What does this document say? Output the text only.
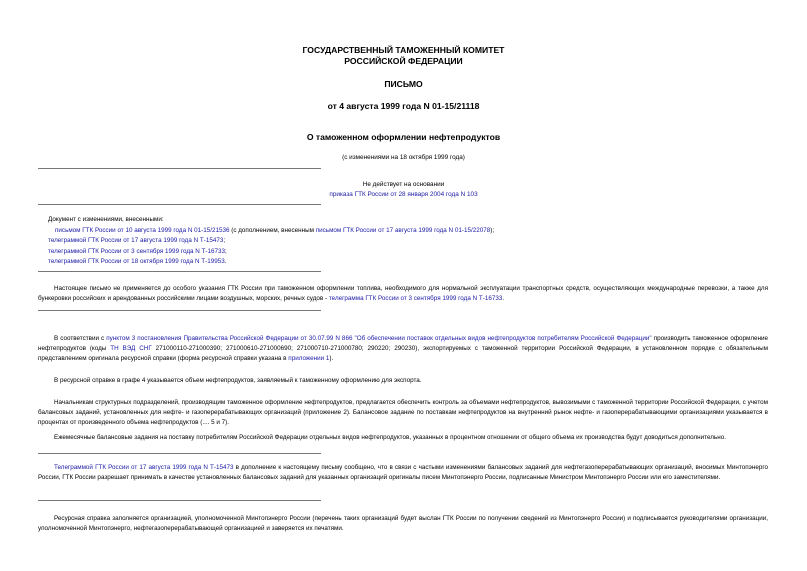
ГОСУДАРСТВЕННЫЙ ТАМОЖЕННЫЙ КОМИТЕТ
РОССИЙСКОЙ ФЕДЕРАЦИИ
ПИСЬМО
от 4 августа 1999 года N 01-15/21118
О таможенном оформлении нефтепродуктов
(с изменениями на 18 октября 1999 года)
Не действует на основании
приказа ГТК России от 28 января 2004 года N 103
Документ с изменениями, внесенными:
письмом ГТК России от 10 августа 1999 года N 01-15/21536 (с дополнением, внесенным письмом ГТК России от 17 августа 1999 года N 01-15/22078);
телеграммой ГТК России от 17 августа 1999 года N Т-15473;
телеграммой ГТК России от 3 сентября 1999 года N Т-16733;
телеграммой ГТК России от 18 октября 1999 года N Т-19953.
Настоящее письмо не применяется до особого указания ГТК России при таможенном оформлении топлива, необходимого для нормальной эксплуатации транспортных средств, осуществляющих международные перевозки, а также для бункеровки российских и арендованных российскими лицами воздушных, морских, речных судов - телеграмма ГТК России от 3 сентября 1999 года N Т-16733.
В соответствии с пунктом 3 постановления Правительства Российской Федерации от 30.07.99 N 866 "Об обеспечении поставок отдельных видов нефтепродуктов потребителям Российской Федерации" производить таможенное оформление нефтепродуктов (коды ТН ВЭД СНГ 271000110-271000390; 271000610-271000690; 271000710-271000780; 290220; 290230), экспортируемых с таможенной территории Российской Федерации, в установленном порядке с обязательным представлением оригинала ресурсной справки (форма ресурсной справки указана в приложении 1).
В ресурсной справке в графе 4 указывается объем нефтепродуктов, заявляемый к таможенному оформлению для экспорта.
Начальникам структурных подразделений, производящим таможенное оформление нефтепродуктов, предлагается обеспечить контроль за объемами нефтепродуктов, вывозимыми с таможенной территории Российской Федерации, с учетом балансовых заданий, установленных для нефте- и газоперерабатывающих организаций (приложение 2). Балансовое задание по поставкам нефтепродуктов на внутренний рынок нефте- и газоперерабатывающими организациями указывается в процентах от произведенного объема нефтепродуктов (.... 5 и 7).
Ежемесячные балансовые задания на поставку потребителям Российской Федерации отдельных видов нефтепродуктов, указанных в процентном отношении от общего объема их производства будут доводиться дополнительно.
Телеграммой ГТК России от 17 августа 1999 года N Т-15473 в дополнение к настоящему письму сообщено, что в связи с частыми изменениями балансовых заданий для нефтегазоперерабатывающих организаций, вносимых Минтопэнерго России, ГТК России разрешает принимать в качестве установленных балансовых заданий для указанных организаций оригиналы писем Минтопэнерго России, подписанные Министром Минтопэнерго России или его заместителями.
Ресурсная справка заполняется организацией, уполномоченной Минтопэнерго России (перечень таких организаций будет выслан ГТК России по получении сведений из Минтопэнерго России) и подписывается руководителями организации, уполномоченной Минтопэнерго, нефтегазоперерабатывающей организацией и заверяется их печатями.
